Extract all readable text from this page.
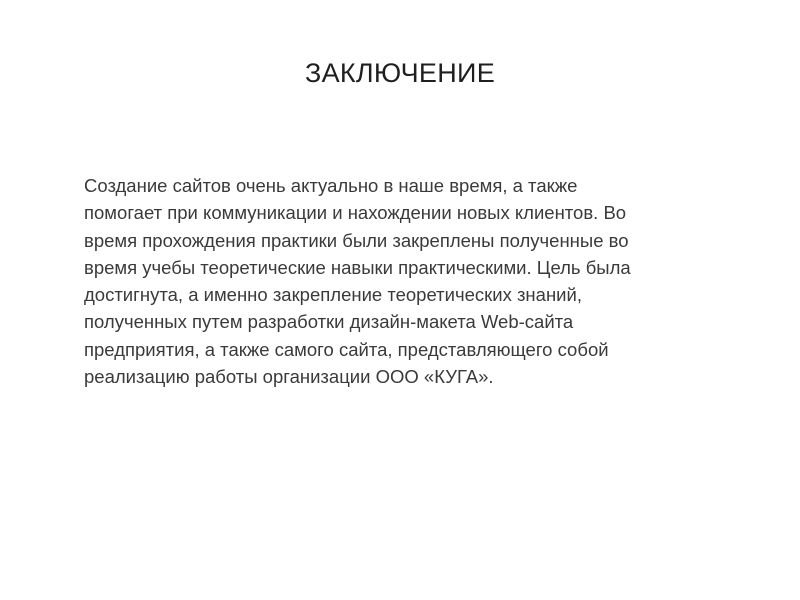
ЗАКЛЮЧЕНИЕ

Создание сайтов очень актуально в наше время, а также
помогает при коммуникации и нахождении новых клиентов. Во
время прохождения практики были закреплены полученные во
время учебы теоретические навыки практическими. Цель была
достигнута, а именно закрепление теоретических знаний,
полученных путем разработки дизайн-макета Web-сайта
предприятия, а также самого сайта, представляющего собой
реализацию работы организации ООО «КУГА».
